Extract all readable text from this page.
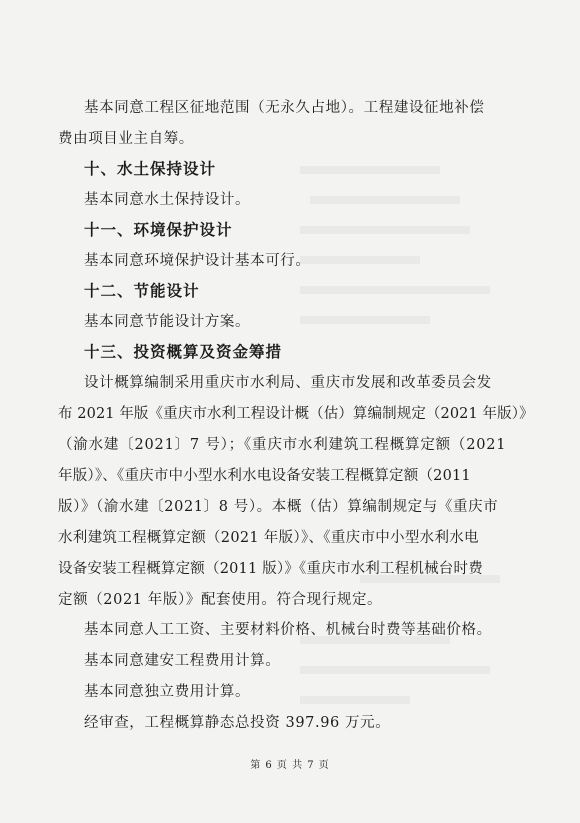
基本同意工程区征地范围（无永久占地）。工程建设征地补偿
费由项目业主自筹。
十、水土保持设计
基本同意水土保持设计。
十一、环境保护设计
基本同意环境保护设计基本可行。
十二、节能设计
基本同意节能设计方案。
十三、投资概算及资金筹措
设计概算编制采用重庆市水利局、重庆市发展和改革委员会发
布 2021 年版《重庆市水利工程设计概（估）算编制规定（2021 年版）》
（渝水建〔2021〕7 号）；《重庆市水利建筑工程概算定额（2021
年版）》、《重庆市中小型水利水电设备安装工程概算定额（2011
版）》（渝水建〔2021〕8 号）。本概（估）算编制规定与《重庆市
水利建筑工程概算定额（2021 年版）》、《重庆市中小型水利水电
设备安装工程概算定额（2011 版）》《重庆市水利工程机械台时费
定额（2021 年版）》配套使用。符合现行规定。
基本同意人工工资、主要材料价格、机械台时费等基础价格。
基本同意建安工程费用计算。
基本同意独立费用计算。
经审查，工程概算静态总投资 397.96 万元。
第 6 页 共 7 页
